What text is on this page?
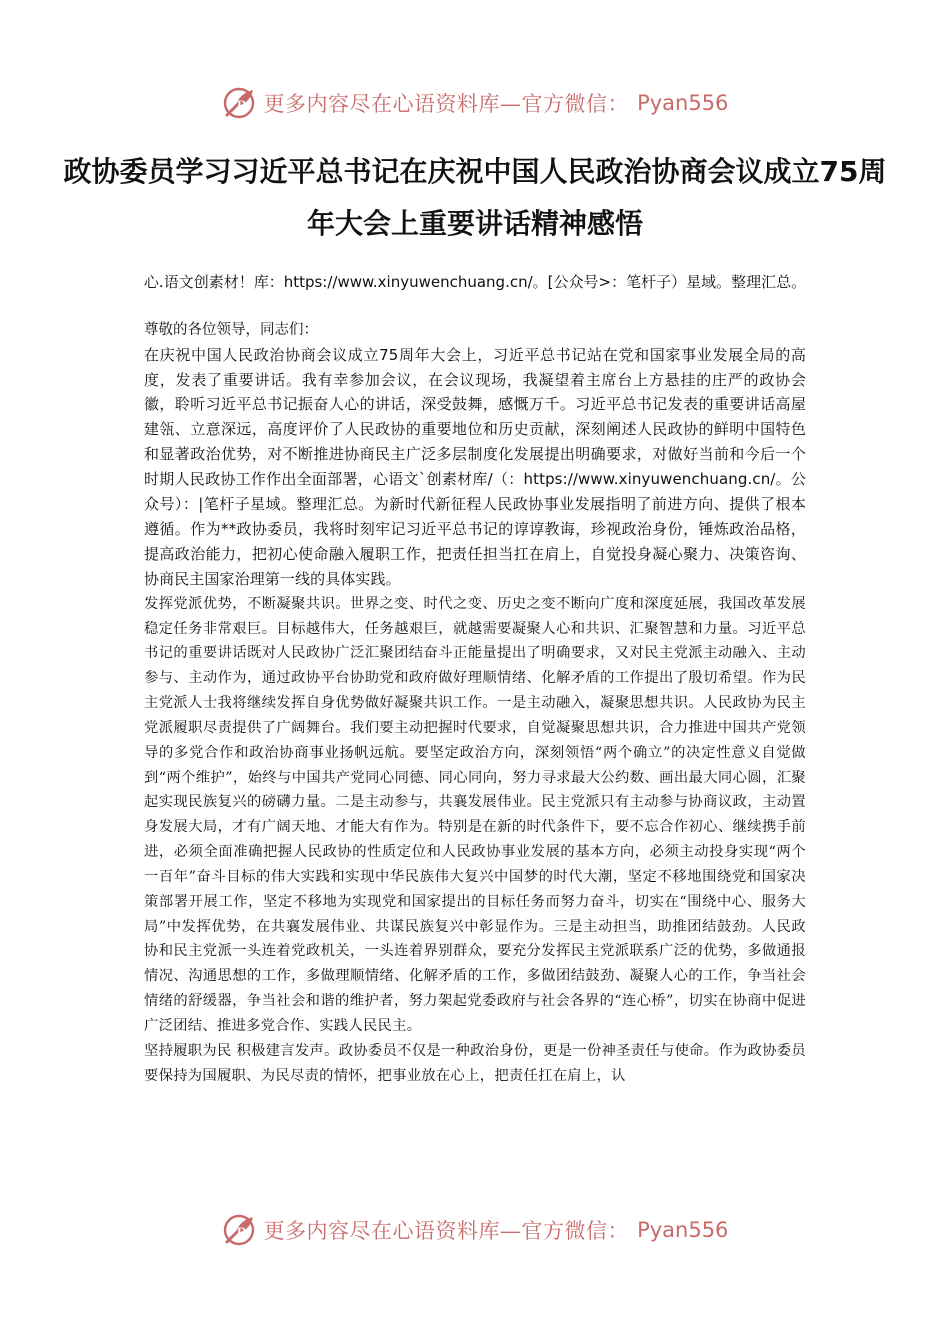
D 更多内容尽在心语资料库—官方微信： Pyan556
政协委员学习习近平总书记在庆祝中国人民政治协商会议成立75周年大会上重要讲话精神感悟
心.语文创素材！库：https://www.xinyuwenchuang.cn/。[公众号>：笔杆子）星域。整理汇总。

尊敬的各位领导，同志们：

在庆祝中国人民政治协商会议成立75周年大会上，习近平总书记站在党和国家事业发展全局的高度，发表了重要讲话。我有幸参加会议，在会议现场，我凝望着主席台上方悬挂的庄严的政协会徽，聆听习近平总书记振奋人心的讲话，深受鼓舞，感慨万千。习近平总书记发表的重要讲话高屋建瓴、立意深远，高度评价了人民政协的重要地位和历史贡献，深刻阐述人民政协的鲜明中国特色和显著政治优势，对不断推进协商民主广泛多层制度化发展提出明确要求，对做好当前和今后一个时期人民政协工作作出全面部署，心语文`创素材库/（：https://www.xinyuwenchuang.cn/。公众号）：|笔杆子星域。整理汇总。为新时代新征程人民政协事业发展指明了前进方向、提供了根本遵循。作为**政协委员，我将时刻牢记习近平总书记的谆谆教诲，珍视政治身份，锤炼政治品格，提高政治能力，把初心使命融入履职工作，把责任担当扛在肩上，自觉投身凝心聚力、决策咨询、协商民主国家治理第一线的具体实践。

发挥党派优势，不断凝聚共识。世界之变、时代之变、历史之变不断向广度和深度延展，我国改革发展稳定任务非常艰巨。目标越伟大，任务越艰巨，就越需要凝聚人心和共识、汇聚智慧和力量。习近平总书记的重要讲话既对人民政协广泛汇聚团结奋斗正能量提出了明确要求，又对民主党派主动融入、主动参与、主动作为，通过政协平台协助党和政府做好理顺情绪、化解矛盾的工作提出了殷切希望。作为民主党派人士我将继续发挥自身优势做好凝聚共识工作。一是主动融入，凝聚思想共识。人民政协为民主党派履职尽责提供了广阔舞台。我们要主动把握时代要求，自觉凝聚思想共识，合力推进中国共产党领导的多党合作和政治协商事业扬帆远航。要坚定政治方向，深刻领悟“两个确立”的决定性意义自觉做到“两个维护”，始终与中国共产党同心同德、同心同向，努力寻求最大公约数、画出最大同心圆，汇聚起实现民族复兴的磅礴力量。二是主动参与，共襄发展伟业。民主党派只有主动参与协商议政，主动置身发展大局，才有广阔天地、才能大有作为。特别是在新的时代条件下，要不忘合作初心、继续携手前进，必须全面准确把握人民政协的性质定位和人民政协事业发展的基本方向，必须主动投身实现“两个一百年”奋斗目标的伟大实践和实现中华民族伟大复兴中国梦的时代大潮，坚定不移地围绕党和国家决策部署开展工作，坚定不移地为实现党和国家提出的目标任务而努力奋斗，切实在“围绕中心、服务大局”中发挥优势，在共襄发展伟业、共谋民族复兴中彰显作为。三是主动担当，助推团结鼓劲。人民政协和民主党派一头连着党政机关，一头连着界别群众，要充分发挥民主党派联系广泛的优势，多做通报情况、沟通思想的工作，多做理顺情绪、化解矛盾的工作，多做团结鼓劲、凝聚人心的工作，争当社会情绪的舒缓器，争当社会和谐的维护者，努力架起党委政府与社会各界的“连心桥”，切实在协商中促进广泛团结、推进多党合作、实践人民民主。

坚持履职为民 积极建言发声。政协委员不仅是一种政治身份，更是一份神圣责任与使命。作为政协委员要保持为国履职、为民尽责的情怀，把事业放在心上，把责任扛在肩上，认

D 更多内容尽在心语资料库—官方微信： Pyan556
